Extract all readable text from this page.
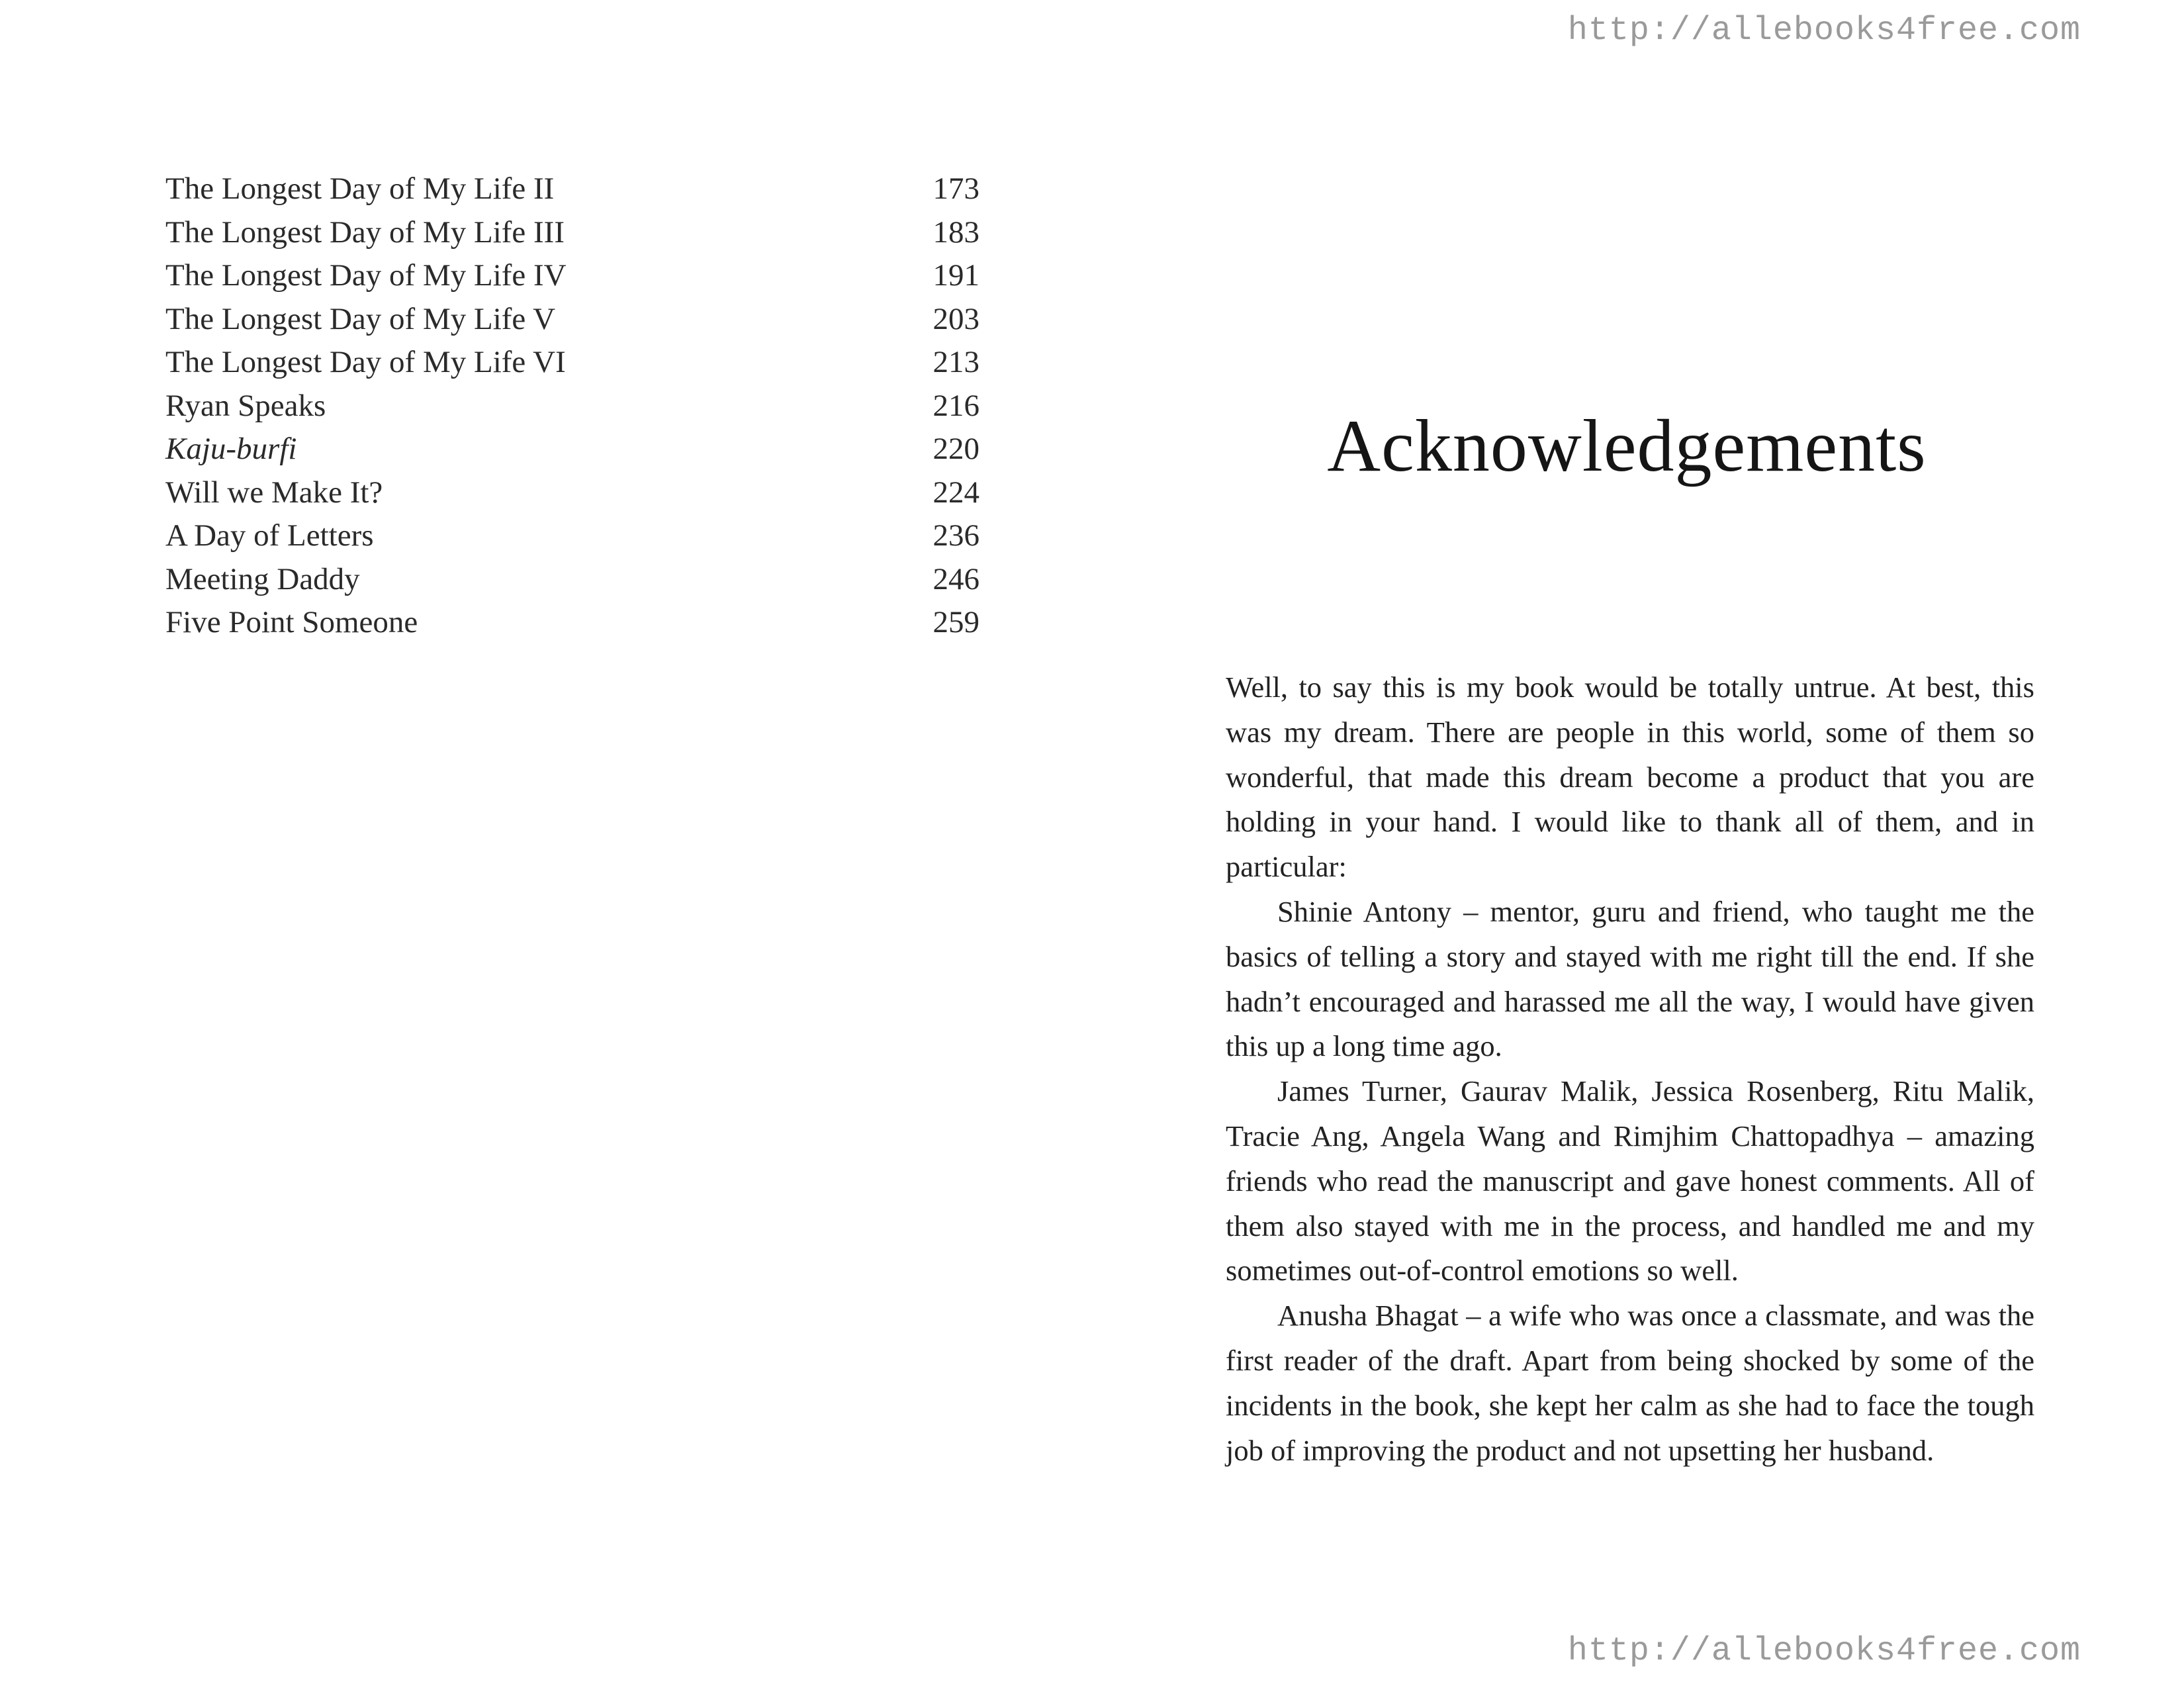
http://allebooks4free.com
The Longest Day of My Life II	173
The Longest Day of My Life III	183
The Longest Day of My Life IV	191
The Longest Day of My Life V	203
The Longest Day of My Life VI	213
Ryan Speaks	216
Kaju-burfi	220
Will we Make It?	224
A Day of Letters	236
Meeting Daddy	246
Five Point Someone	259
Acknowledgements

Well, to say this is my book would be totally untrue. At best, this was my dream. There are people in this world, some of them so wonderful, that made this dream become a product that you are holding in your hand. I would like to thank all of them, and in particular:

Shinie Antony – mentor, guru and friend, who taught me the basics of telling a story and stayed with me right till the end. If she hadn’t encouraged and harassed me all the way, I would have given this up a long time ago.

James Turner, Gaurav Malik, Jessica Rosenberg, Ritu Malik, Tracie Ang, Angela Wang and Rimjhim Chattopadhya – amazing friends who read the manuscript and gave honest comments. All of them also stayed with me in the process, and handled me and my sometimes out-of-control emotions so well.

Anusha Bhagat – a wife who was once a classmate, and was the first reader of the draft. Apart from being shocked by some of the incidents in the book, she kept her calm as she had to face the tough job of improving the product and not upsetting her husband.

http://allebooks4free.com
